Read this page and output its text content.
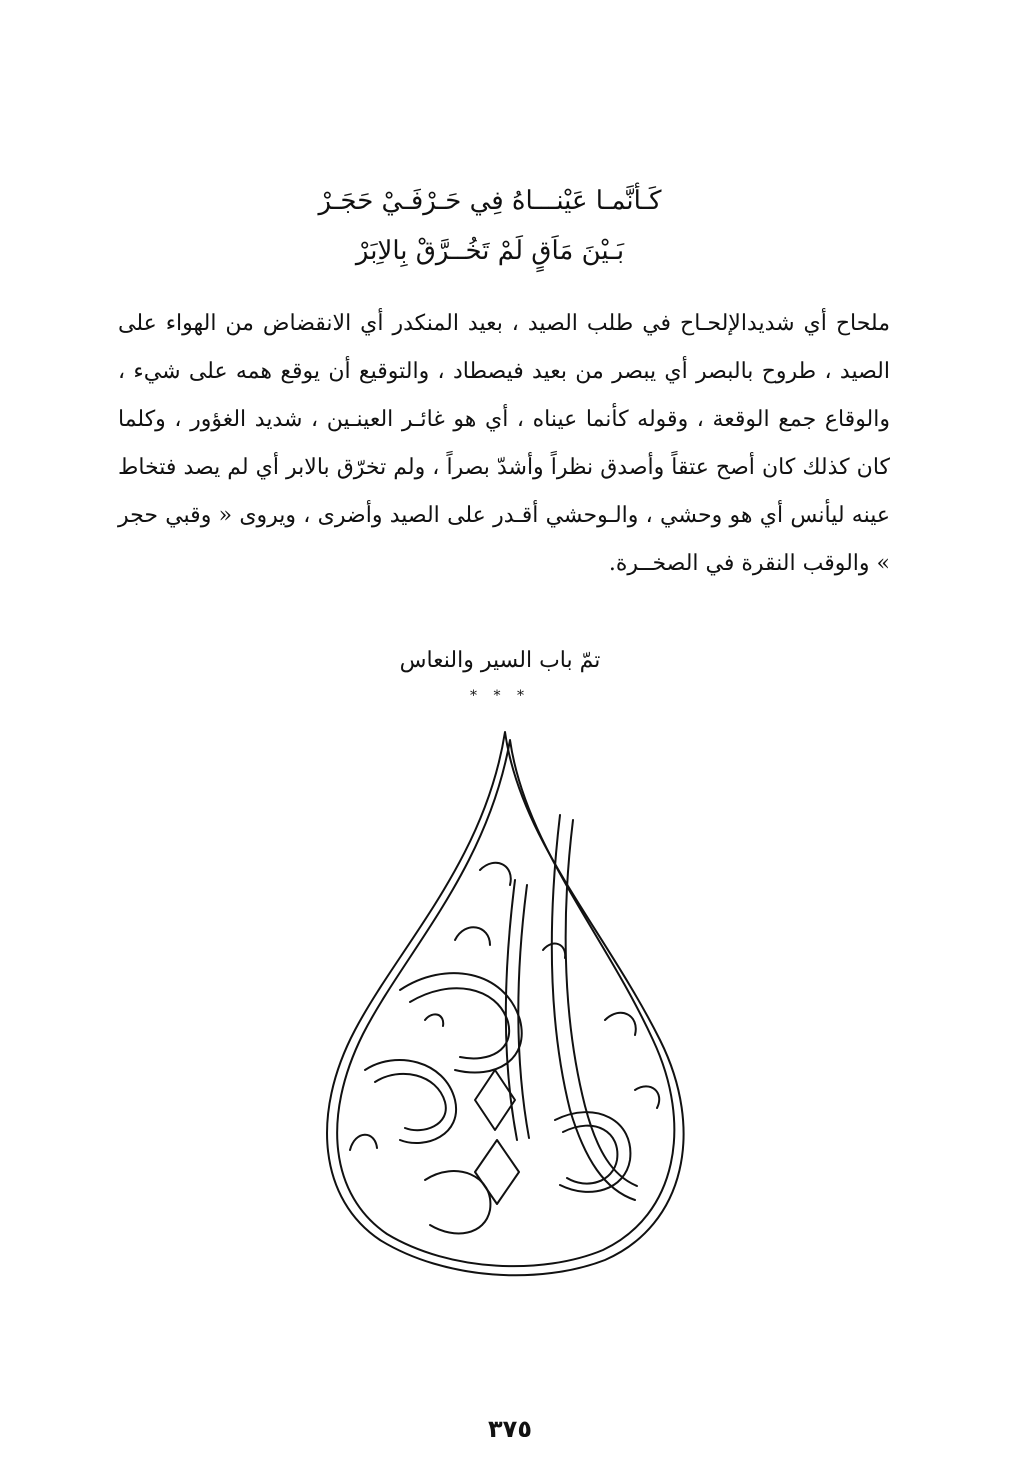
كَـأنَّمـا عَيْنـــاهُ فِي حَـرْفَـيْ حَجَـرْ
بَـيْنَ مَاَقٍ لَمْ تَخُــرَّقْ بِالاِبَرْ

ملحاح أي شديدالإلحـاح في طلب الصيد ، بعيد المنكدر أي الانقضاض من الهواء على الصيد ، طروح بالبصر أي يبصر من بعيد فيصطاد ، والتوقيع أن يوقع همه على شيء ، والوقاع جمع الوقعة ، وقوله كأنما عيناه ، أي هو غائـر العينـين ، شديد الغؤور ، وكلما كان كذلك كان أصح عتقاً وأصدق نظراً وأشدّ بصراً ، ولم تخرّق بالابر أي لم يصد فتخاط عينه ليأنس أي هو وحشي ، والـوحشي أقـدر على الصيد وأضرى ، ويروى « وقبي حجر » والوقب النقرة في الصخــرة.

تمّ باب السير والنعاس
* * *
٣٧٥
